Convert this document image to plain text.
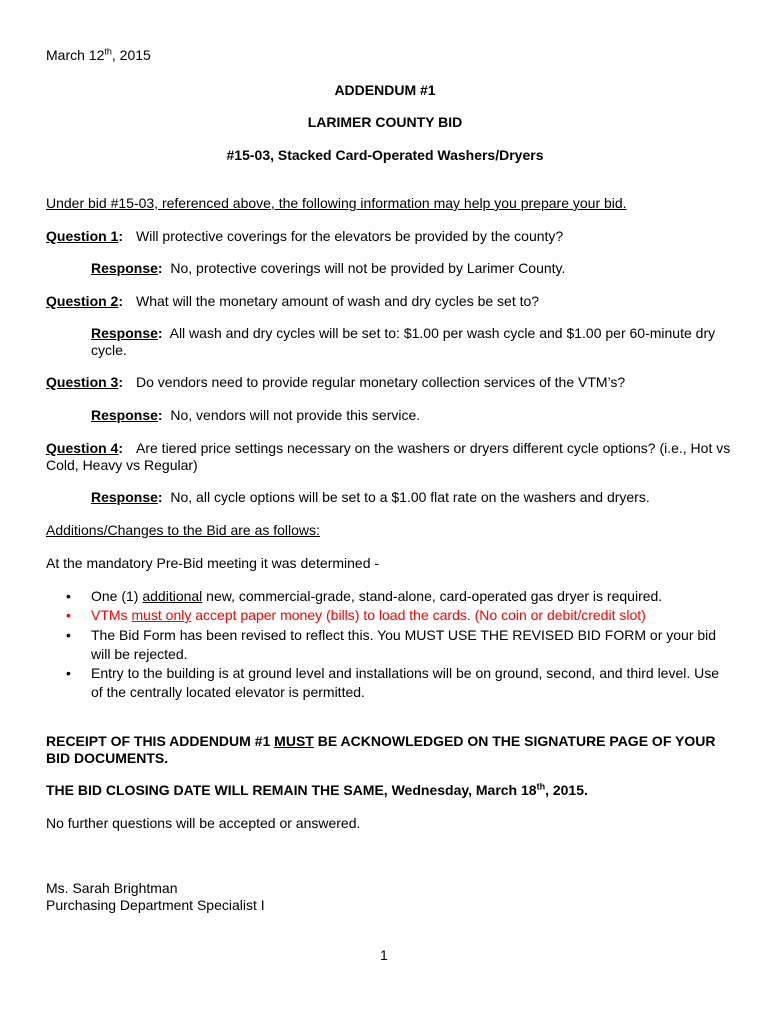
March 12th, 2015
ADDENDUM #1
LARIMER COUNTY BID
#15-03, Stacked Card-Operated Washers/Dryers
Under bid #15-03, referenced above, the following information may help you prepare your bid.
Question 1: Will protective coverings for the elevators be provided by the county?
Response: No, protective coverings will not be provided by Larimer County.
Question 2: What will the monetary amount of wash and dry cycles be set to?
Response: All wash and dry cycles will be set to: $1.00 per wash cycle and $1.00 per 60-minute dry
cycle.
Question 3: Do vendors need to provide regular monetary collection services of the VTM’s?
Response: No, vendors will not provide this service.
Question 4: Are tiered price settings necessary on the washers or dryers different cycle options? (i.e., Hot vs
Cold, Heavy vs Regular)
Response: No, all cycle options will be set to a $1.00 flat rate on the washers and dryers.
Additions/Changes to the Bid are as follows:
At the mandatory Pre-Bid meeting it was determined -
•	One (1) additional new, commercial-grade, stand-alone, card-operated gas dryer is required.
•	VTMs must only accept paper money (bills) to load the cards. (No coin or debit/credit slot)
•	The Bid Form has been revised to reflect this. You MUST USE THE REVISED BID FORM or your bid
will be rejected.
•	Entry to the building is at ground level and installations will be on ground, second, and third level. Use
of the centrally located elevator is permitted.
RECEIPT OF THIS ADDENDUM #1 MUST BE ACKNOWLEDGED ON THE SIGNATURE PAGE OF YOUR
BID DOCUMENTS.
THE BID CLOSING DATE WILL REMAIN THE SAME, Wednesday, March 18th, 2015.
No further questions will be accepted or answered.
Ms. Sarah Brightman
Purchasing Department Specialist I
1
